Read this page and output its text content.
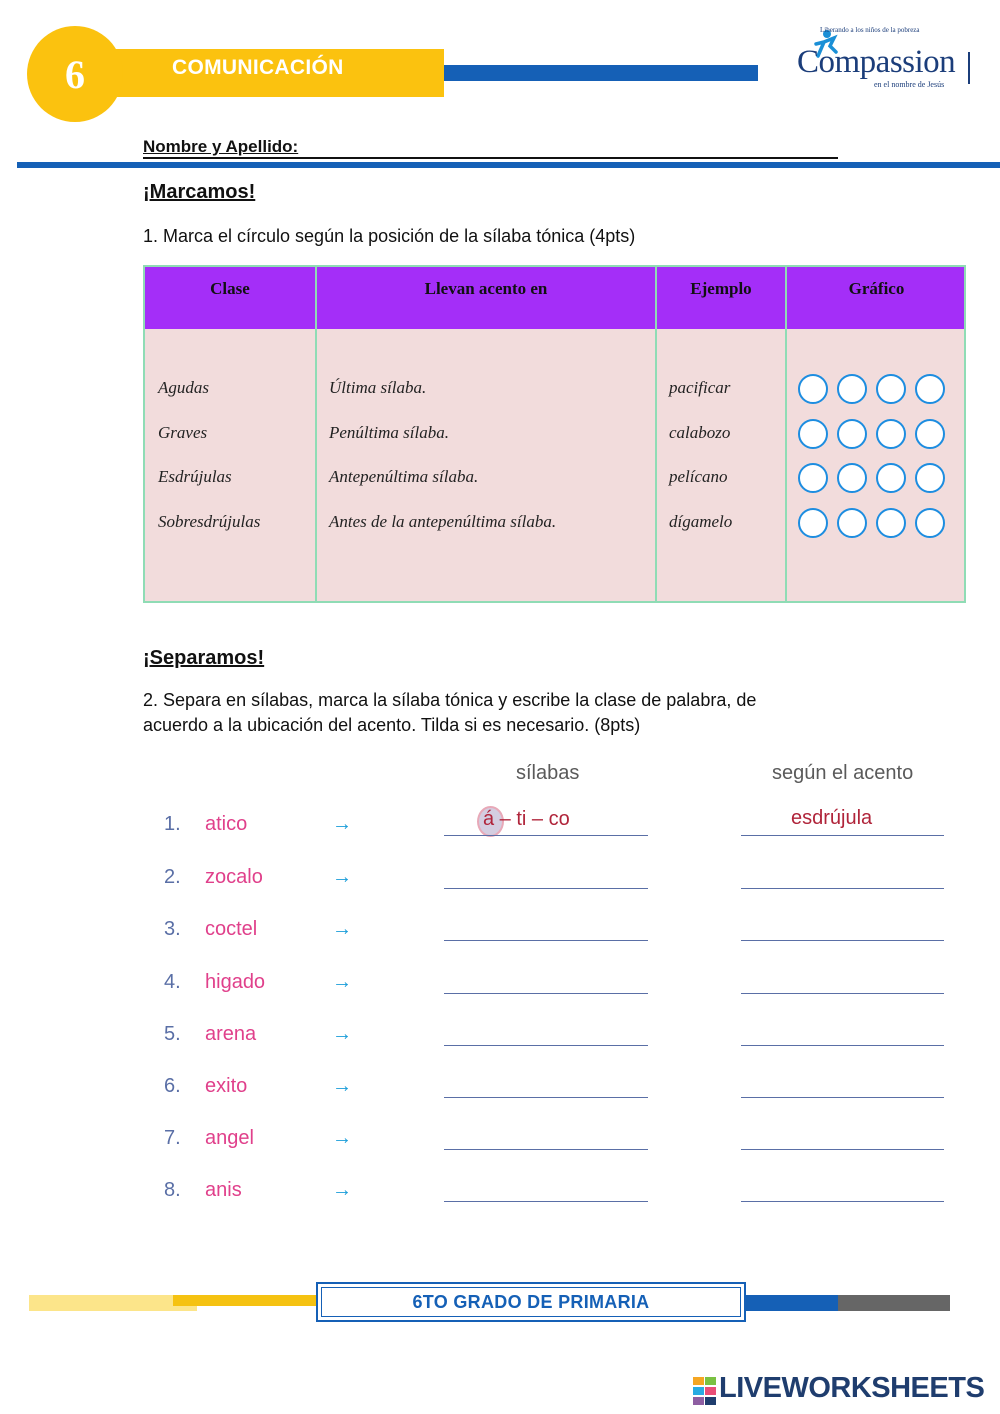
6	COMUNICACIÓN
Liberando a los niños de la pobreza
Compassion
en el nombre de Jesús
Nombre y Apellido:
¡Marcamos!
1. Marca el círculo según la posición de la sílaba tónica (4pts)
Clase	Llevan acento en	Ejemplo	Gráfico
Agudas	Última sílaba.	pacificar
Graves	Penúltima sílaba.	calabozo
Esdrújulas	Antepenúltima sílaba.	pelícano
Sobresdrújulas	Antes de la antepenúltima sílaba.	dígamelo
¡Separamos!
2. Separa en sílabas, marca la sílaba tónica y escribe la clase de palabra, de
acuerdo a la ubicación del acento. Tilda si es necesario. (8pts)
sílabas	según el acento
1. atico	→	á – ti – co	esdrújula
2. zocalo	→
3. coctel	→
4. higado	→
5. arena	→
6. exito	→
7. angel	→
8. anis	→
6TO GRADO DE PRIMARIA
LIVEWORKSHEETS
